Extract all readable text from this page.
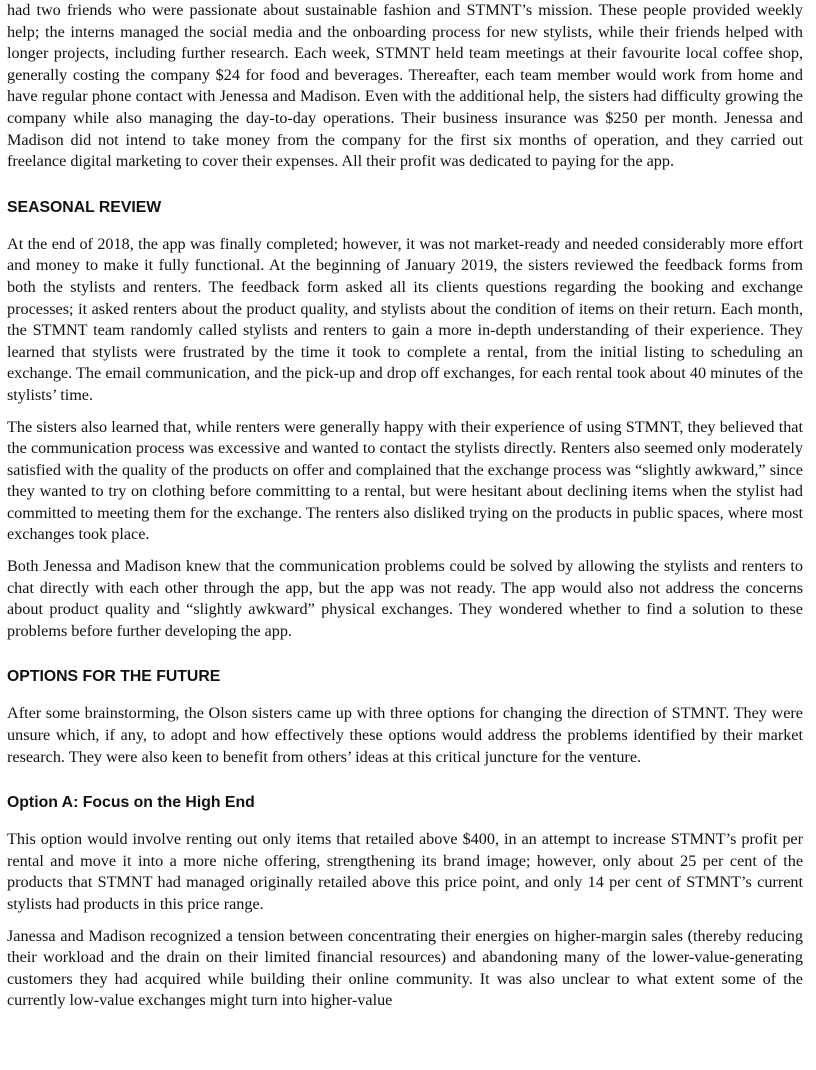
had two friends who were passionate about sustainable fashion and STMNT’s mission. These people provided weekly help; the interns managed the social media and the onboarding process for new stylists, while their friends helped with longer projects, including further research. Each week, STMNT held team meetings at their favourite local coffee shop, generally costing the company $24 for food and beverages. Thereafter, each team member would work from home and have regular phone contact with Jenessa and Madison. Even with the additional help, the sisters had difficulty growing the company while also managing the day-to-day operations. Their business insurance was $250 per month. Jenessa and Madison did not intend to take money from the company for the first six months of operation, and they carried out freelance digital marketing to cover their expenses. All their profit was dedicated to paying for the app.

SEASONAL REVIEW

At the end of 2018, the app was finally completed; however, it was not market-ready and needed considerably more effort and money to make it fully functional. At the beginning of January 2019, the sisters reviewed the feedback forms from both the stylists and renters. The feedback form asked all its clients questions regarding the booking and exchange processes; it asked renters about the product quality, and stylists about the condition of items on their return. Each month, the STMNT team randomly called stylists and renters to gain a more in-depth understanding of their experience. They learned that stylists were frustrated by the time it took to complete a rental, from the initial listing to scheduling an exchange. The email communication, and the pick-up and drop off exchanges, for each rental took about 40 minutes of the stylists’ time.

The sisters also learned that, while renters were generally happy with their experience of using STMNT, they believed that the communication process was excessive and wanted to contact the stylists directly. Renters also seemed only moderately satisfied with the quality of the products on offer and complained that the exchange process was “slightly awkward,” since they wanted to try on clothing before committing to a rental, but were hesitant about declining items when the stylist had committed to meeting them for the exchange. The renters also disliked trying on the products in public spaces, where most exchanges took place.

Both Jenessa and Madison knew that the communication problems could be solved by allowing the stylists and renters to chat directly with each other through the app, but the app was not ready. The app would also not address the concerns about product quality and “slightly awkward” physical exchanges. They wondered whether to find a solution to these problems before further developing the app.

OPTIONS FOR THE FUTURE

After some brainstorming, the Olson sisters came up with three options for changing the direction of STMNT. They were unsure which, if any, to adopt and how effectively these options would address the problems identified by their market research. They were also keen to benefit from others’ ideas at this critical juncture for the venture.

Option A: Focus on the High End

This option would involve renting out only items that retailed above $400, in an attempt to increase STMNT’s profit per rental and move it into a more niche offering, strengthening its brand image; however, only about 25 per cent of the products that STMNT had managed originally retailed above this price point, and only 14 per cent of STMNT’s current stylists had products in this price range.

Janessa and Madison recognized a tension between concentrating their energies on higher-margin sales (thereby reducing their workload and the drain on their limited financial resources) and abandoning many of the lower-value-generating customers they had acquired while building their online community. It was also unclear to what extent some of the currently low-value exchanges might turn into higher-value
